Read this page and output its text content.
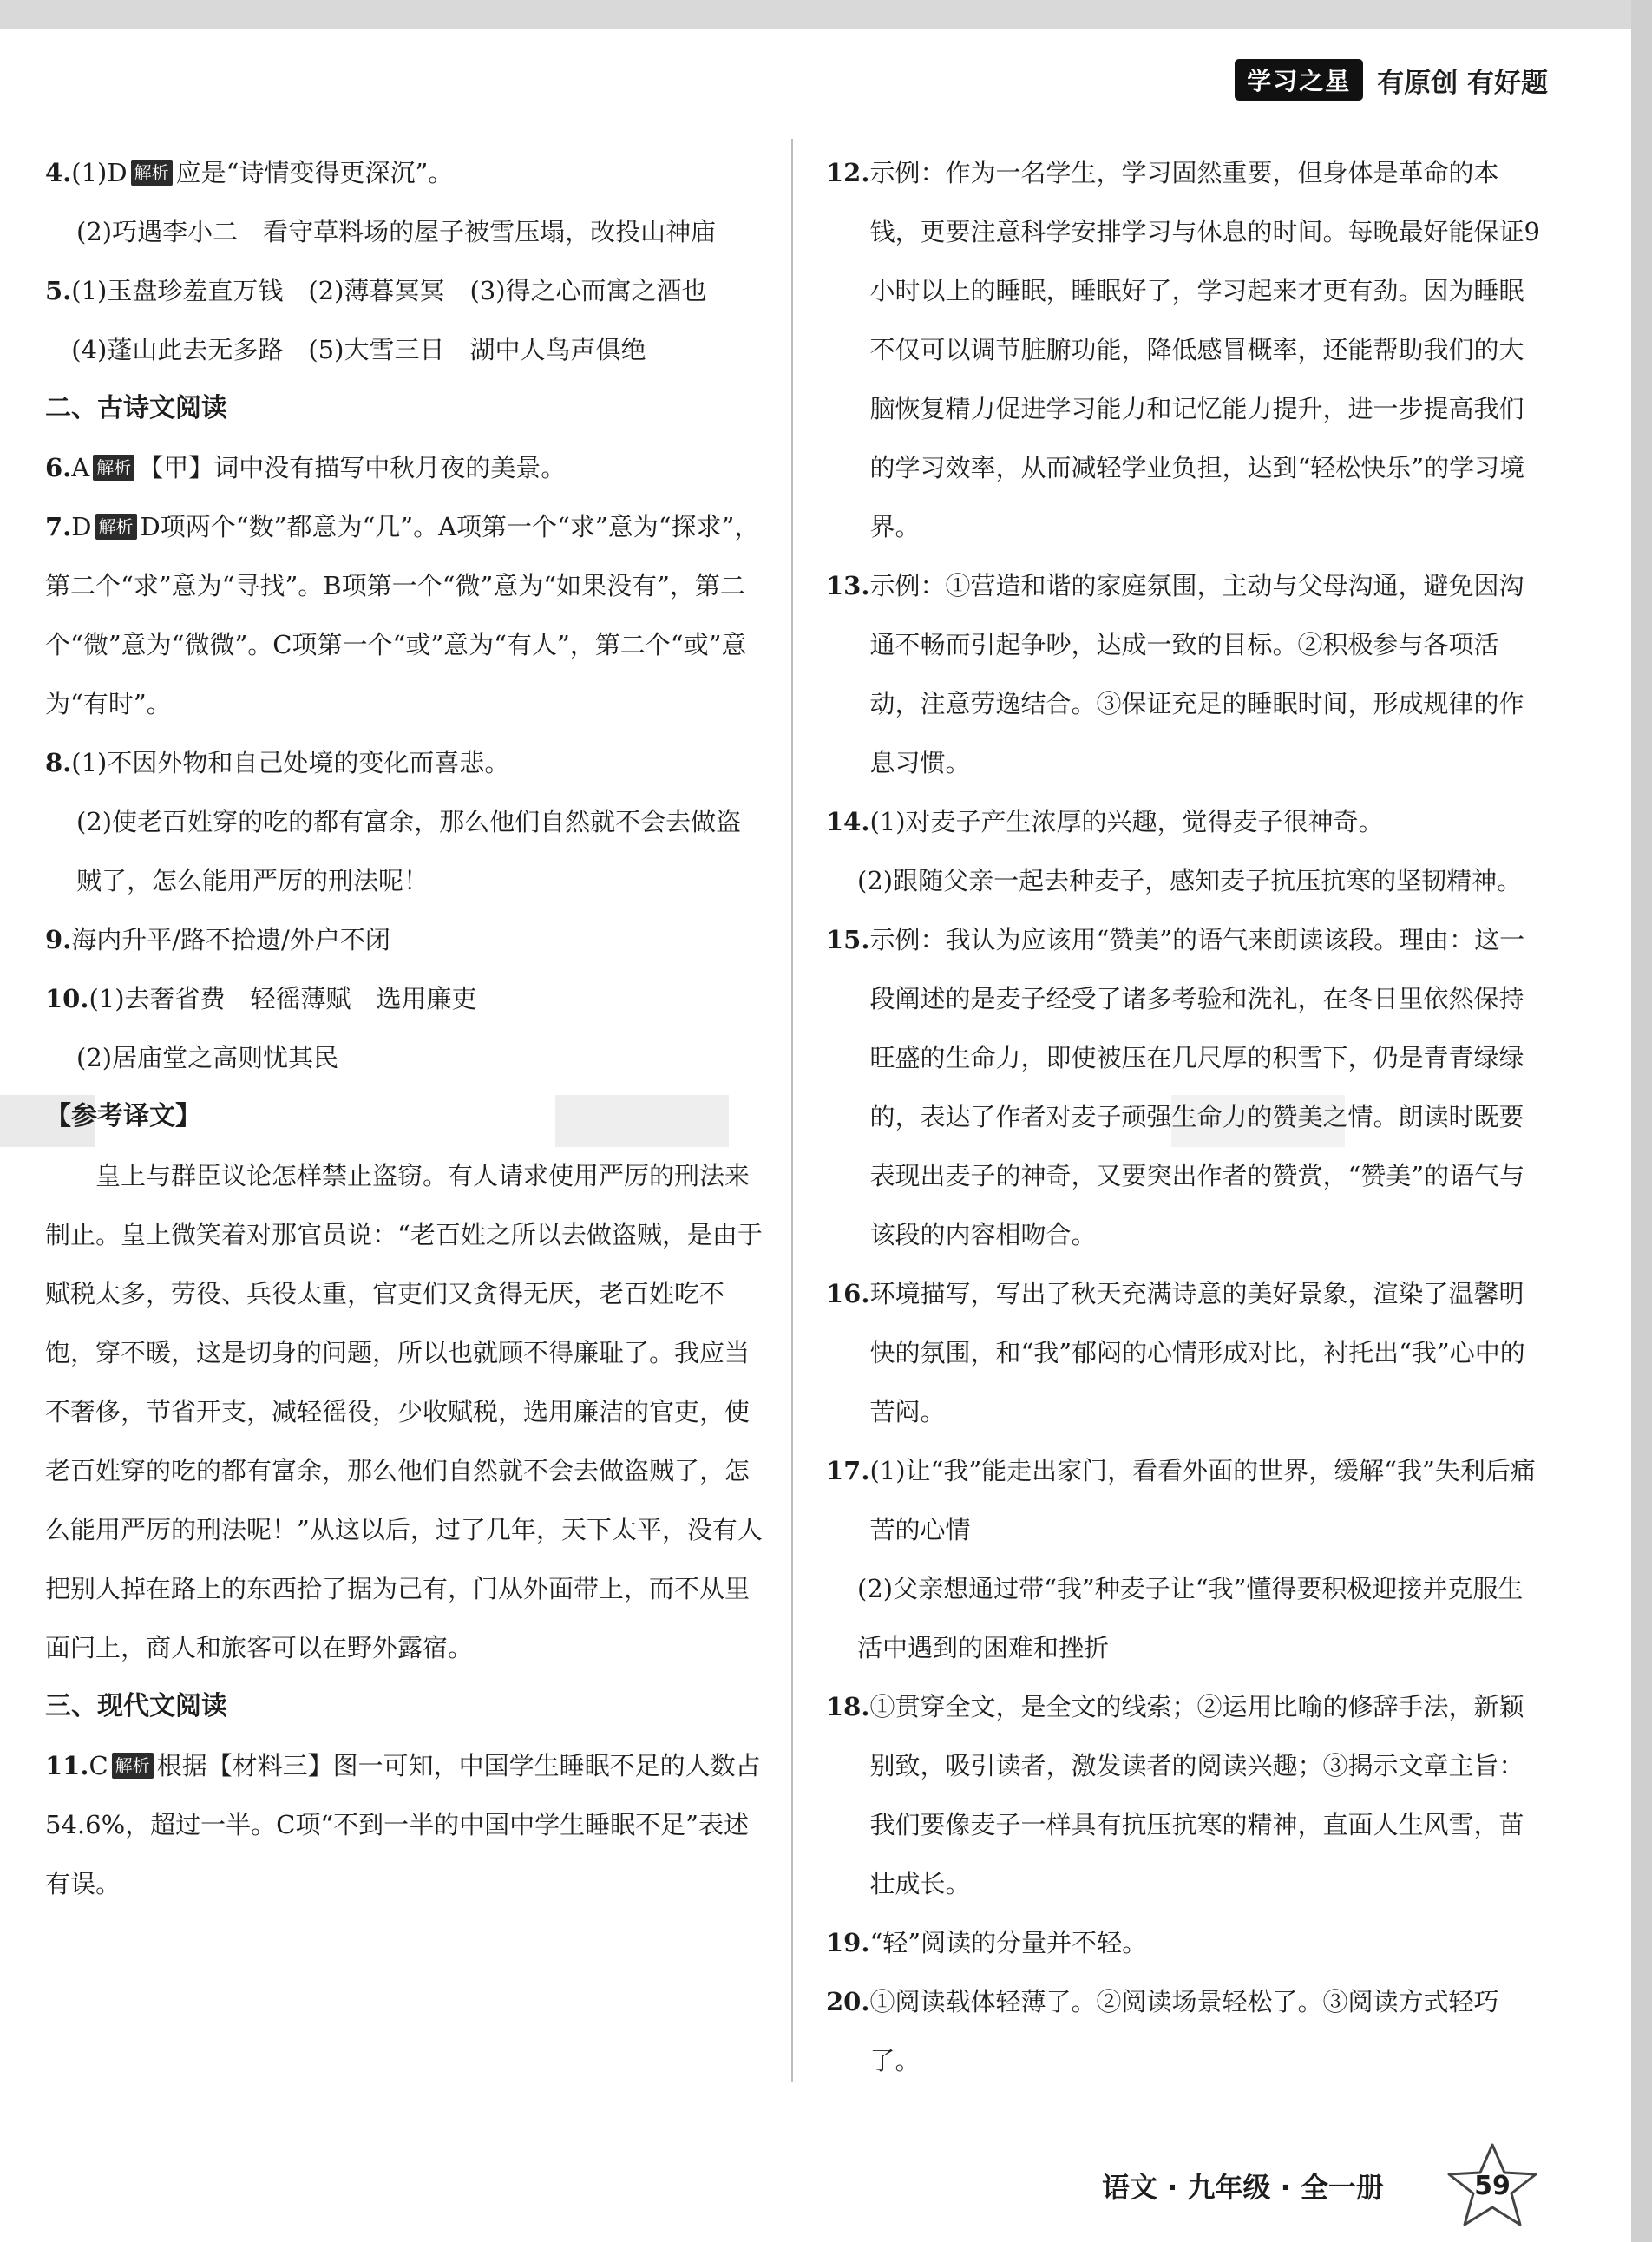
学习之星 有原创 有好题
4.(1)D 解析 应是“诗情变得更深沉”。
(2)巧遇李小二　看守草料场的屋子被雪压塌，改投山神庙
5. (1)玉盘珍羞直万钱　(2)薄暮冥冥　(3)得之心而寓之酒也　(4)蓬山此去无多路　(5)大雪三日　湖中人鸟声俱绝
二、古诗文阅读
6.A 解析 【甲】词中没有描写中秋月夜的美景。
7.D 解析 D项两个“数”都意为“几”。A项第一个“求”意为“探求”，第二个“求”意为“寻找”。B项第一个“微”意为“如果没有”，第二个“微”意为“微微”。C项第一个“或”意为“有人”，第二个“或”意为“有时”。
8.(1)不因外物和自己处境的变化而喜悲。
(2)使老百姓穿的吃的都有富余，那么他们自然就不会去做盗贼了，怎么能用严厉的刑法呢！
9.海内升平/路不拾遗/外户不闭
10.(1)去奢省费　轻徭薄赋　选用廉吏
(2)居庙堂之高则忧其民
【参考译文】
皇上与群臣议论怎样禁止盗窃。有人请求使用严厉的刑法来制止。皇上微笑着对那官员说：“老百姓之所以去做盗贼，是由于赋税太多，劳役、兵役太重，官吏们又贪得无厌，老百姓吃不饱，穿不暖，这是切身的问题，所以也就顾不得廉耻了。我应当不奢侈，节省开支，减轻徭役，少收赋税，选用廉洁的官吏，使老百姓穿的吃的都有富余，那么他们自然就不会去做盗贼了，怎么能用严厉的刑法呢！”从这以后，过了几年，天下太平，没有人把别人掉在路上的东西拾了据为己有，门从外面带上，而不从里面闩上，商人和旅客可以在野外露宿。
三、现代文阅读
11.C 解析 根据【材料三】图一可知，中国学生睡眠不足的人数占54.6%，超过一半。C项“不到一半的中国中学生睡眠不足”表述有误。
12. 示例：作为一名学生，学习固然重要，但身体是革命的本钱，更要注意科学安排学习与休息的时间。每晚最好能保证9小时以上的睡眠，睡眠好了，学习起来才更有劲。因为睡眠不仅可以调节脏腑功能，降低感冒概率，还能帮助我们的大脑恢复精力促进学习能力和记忆能力提升，进一步提高我们的学习效率，从而减轻学业负担，达到“轻松快乐”的学习境界。
13. 示例：①营造和谐的家庭氛围，主动与父母沟通，避免因沟通不畅而引起争吵，达成一致的目标。②积极参与各项活动，注意劳逸结合。③保证充足的睡眠时间，形成规律的作息习惯。
14.(1)对麦子产生浓厚的兴趣，觉得麦子很神奇。
(2)跟随父亲一起去种麦子，感知麦子抗压抗寒的坚韧精神。
15. 示例：我认为应该用“赞美”的语气来朗读该段。理由：这一段阐述的是麦子经受了诸多考验和洗礼，在冬日里依然保持旺盛的生命力，即使被压在几尺厚的积雪下，仍是青青绿绿的，表达了作者对麦子顽强生命力的赞美之情。朗读时既要表现出麦子的神奇，又要突出作者的赞赏，“赞美”的语气与该段的内容相吻合。
16. 环境描写，写出了秋天充满诗意的美好景象，渲染了温馨明快的氛围，和“我”郁闷的心情形成对比，衬托出“我”心中的苦闷。
17. (1)让“我”能走出家门，看看外面的世界，缓解“我”失利后痛苦的心情
(2)父亲想通过带“我”种麦子让“我”懂得要积极迎接并克服生活中遇到的困难和挫折
18. ①贯穿全文，是全文的线索；②运用比喻的修辞手法，新颖别致，吸引读者，激发读者的阅读兴趣；③揭示文章主旨：我们要像麦子一样具有抗压抗寒的精神，直面人生风雪，苗壮成长。
19. “轻”阅读的分量并不轻。
20. ①阅读载体轻薄了。②阅读场景轻松了。③阅读方式轻巧了。
语文 · 九年级 · 全一册	59
